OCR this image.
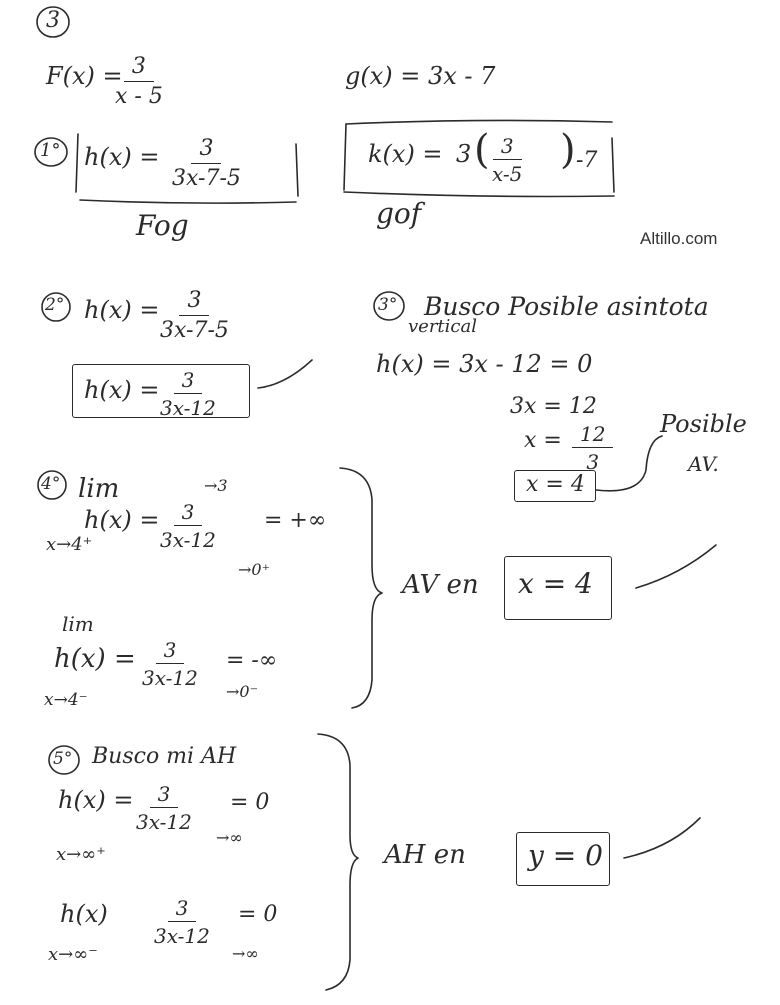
Altillo.com
3
F(x) =
$\frac{3}{x - 5}$	g(x) = 3x - 7
1° $h(x) = \frac{3}{3x-7-5}$
Fog
k(x) = 3 ( $\frac{3}{x-5}$ ) -7
gof
2° $h(x) = \frac{3}{3x-7-5}$
$h(x) = \frac{3}{3x-12}$
3° Busco Posible asintota
vertical
h(x) = 3x - 12 = 0
3x = 12
$x = \frac{12}{3}$
x = 4
Posible
AV.
4° lim
$h(x) = \frac{3}{3x-12}$
→3
→0⁺
= +∞
x→4⁺
lim
$h(x) = \frac{3}{3x-12}$
→0⁻
= -∞
x→4⁻
AV en x = 4
5° Busco mi AH
$h(x) = \frac{3}{3x-12}$
→∞
= 0
x→∞⁺
$h(x) \frac{3}{3x-12}$
→∞
= 0
x→∞⁻
AH en y = 0
